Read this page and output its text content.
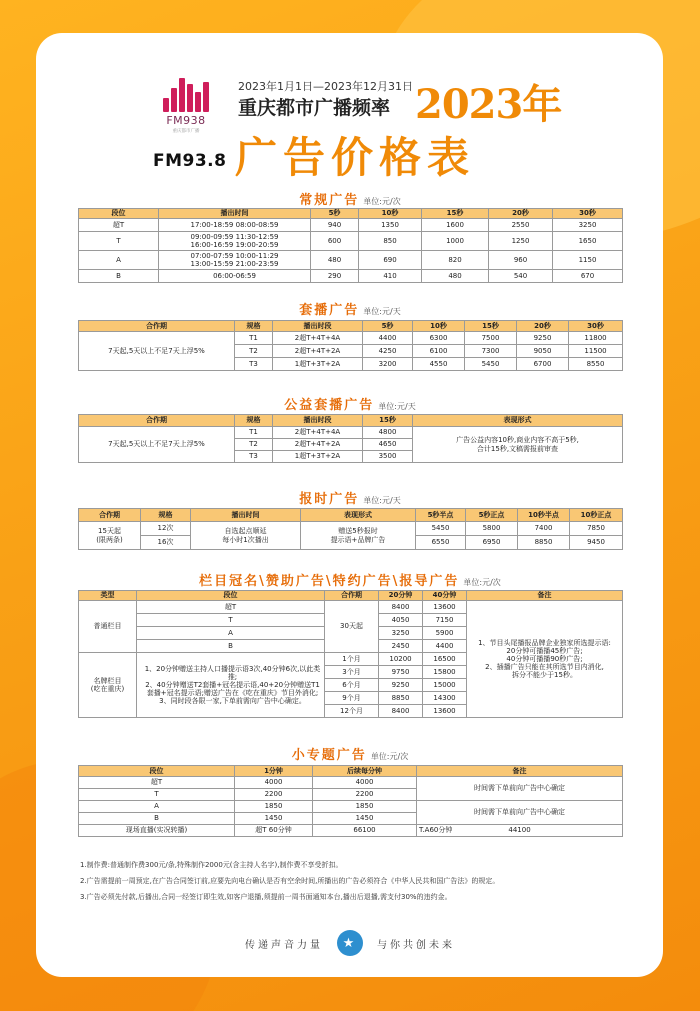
FM938
重庆都市广播
FM93.8
2023年1月1日—2023年12月31日
重庆都市广播频率 2023年
广告价格表
常规广告 单位:元/次
段位	播出时间	5秒	10秒	15秒	20秒	30秒
超T	17:00-18:59 08:00-08:59	940	1350	1600	2550	3250
T	09:00-09:59 11:30-12:59
16:00-16:59 19:00-20:59	600	850	1000	1250	1650
A	07:00-07:59 10:00-11:29
13:00-15:59 21:00-23:59	480	690	820	960	1150
B	06:00-06:59	290	410	480	540	670
套播广告 单位:元/天
合作期	规格	播出时段	5秒	10秒	15秒	20秒	30秒
7天起,5天以上不足7天上浮5%	T1	2超T+4T+4A	4400	6300	7500	9250	11800
	T2	2超T+4T+2A	4250	6100	7300	9050	11500
	T3	1超T+3T+2A	3200	4550	5450	6700	8550
公益套播广告 单位:元/天
合作期	规格	播出时段	15秒	表现形式
7天起,5天以上不足7天上浮5%	T1	2超T+4T+4A	4800	广告公益内容10秒,商业内容不高于5秒,
合计15秒,文稿需报前审查
	T2	2超T+4T+2A	4650	
	T3	1超T+3T+2A	3500	
报时广告 单位:元/天
合作期	规格	播出时间	表现形式	5秒半点	5秒正点	10秒半点	10秒正点
15天起
(限两条)	12次	自选起点顺延
每小时1次播出	赠送5秒报时
提示语+品牌广告	5450	5800	7400	7850
	16次			6550	6950	8850	9450
栏目冠名\赞助广告\特约广告\报导广告 单位:元/次
类型	段位	合作期	20分钟	40分钟	备注
普通栏目	超T	30天起	8400	13600	1、节目头尾播报品牌企业独家所选提示语:
20分钟可播播45秒广告;
40分钟可播播90秒广告;
2、插播广告只能在其所选节目内消化,
拆分不能少于15秒。
	T		4050	7150	
	A		3250	5900	
	B		2450	4400	
名牌栏目
(吃在重庆)	1、20分钟赠送主持人口播提示语3次,40分钟6次,以此类推;
2、40分钟赠送T2套播+冠名提示语,40+20分钟赠送T1套播+冠名提示语;赠送广告在《吃在重庆》节目外消化;
3、同时段各限一家,下单前需向广告中心确定。	1个月	10200	16500	
		3个月	9750	15800	
		6个月	9250	15000	
		9个月	8850	14300	
		12个月	8400	13600	
小专题广告 单位:元/次
段位	1分钟	后续每分钟	备注
超T	4000	4000	时间需下单前向广告中心确定
T	2200	2200	
A	1850	1850	时间需下单前向广告中心确定
B	1450	1450	
现场直播(实况转播)	超T 60分钟	66100	T.A60分钟 44100
1.制作费:普通制作费300元/条,特殊制作2000元(含主持人名字),制作费不享受折扣。
2.广告需提前一周预定,在广告合同签订前,应要先向电台确认是否有空余时间,所播出的广告必须符合《中华人民共和国广告法》的规定。
3.广告必须先付款,后播出,合同一经签订即生效,如客户退播,须提前一周书面通知本台,播出后退播,需支付30%的违约金。
传递声音力量	★	与你共创未来
